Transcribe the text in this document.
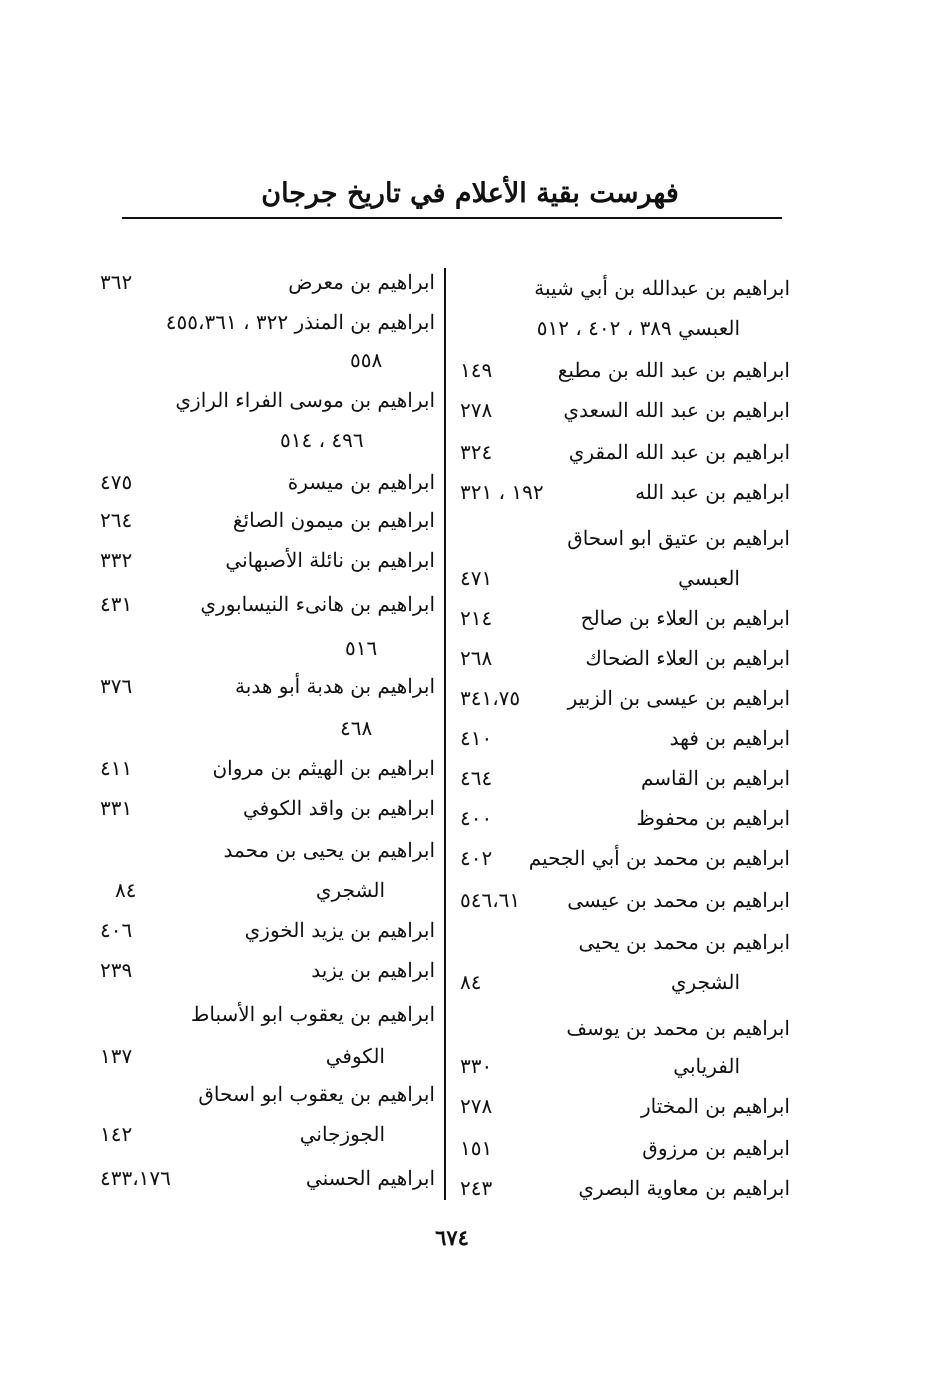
فهرست بقية الأعلام في تاريخ جرجان
ابراهيم بن عبدالله بن أبي شيبة
العبسي ٣٨٩ ، ٤٠٢ ، ٥١٢
ابراهيم بن عبد الله بن مطيع
١٤٩
ابراهيم بن عبد الله السعدي
٢٧٨
ابراهيم بن عبد الله المقري
٣٢٤
ابراهيم بن عبد الله
١٩٢ ، ٣٢١
ابراهيم بن عتيق ابو اسحاق
العبسي
٤٧١
ابراهيم بن العلاء بن صالح
٢١٤
ابراهيم بن العلاء الضحاك
٢٦٨
ابراهيم بن عيسى بن الزبير
٣٤١،٧٥
ابراهيم بن فهد
٤١٠
ابراهيم بن القاسم
٤٦٤
ابراهيم بن محفوظ
٤٠٠
ابراهيم بن محمد بن أبي الجحيم
٤٠٢
ابراهيم بن محمد بن عيسى
٥٤٦،٦١
ابراهيم بن محمد بن يحيى
الشجري
٨٤
ابراهيم بن محمد بن يوسف
الفريابي
٣٣٠
ابراهيم بن المختار
٢٧٨
ابراهيم بن مرزوق
١٥١
ابراهيم بن معاوية البصري
٢٤٣
ابراهيم بن معرض
٣٦٢
ابراهيم بن المنذر ٣٢٢ ، ٤٥٥،٣٦١
٥٥٨
ابراهيم بن موسى الفراء الرازي
٤٩٦ ، ٥١٤
ابراهيم بن ميسرة
٤٧٥
ابراهيم بن ميمون الصائغ
٢٦٤
ابراهيم بن نائلة الأصبهاني
٣٣٢
ابراهيم بن هانىء النيسابوري
٤٣١
٥١٦
ابراهيم بن هدبة أبو هدبة
٣٧٦
٤٦٨
ابراهيم بن الهيثم بن مروان
٤١١
ابراهيم بن واقد الكوفي
٣٣١
ابراهيم بن يحيى بن محمد
الشجري
٨٤
ابراهيم بن يزيد الخوزي
٤٠٦
ابراهيم بن يزيد
٢٣٩
ابراهيم بن يعقوب ابو الأسباط
الكوفي
١٣٧
ابراهيم بن يعقوب ابو اسحاق
الجوزجاني
١٤٢
ابراهيم الحسني
٤٣٣،١٧٦
٦٧٤
